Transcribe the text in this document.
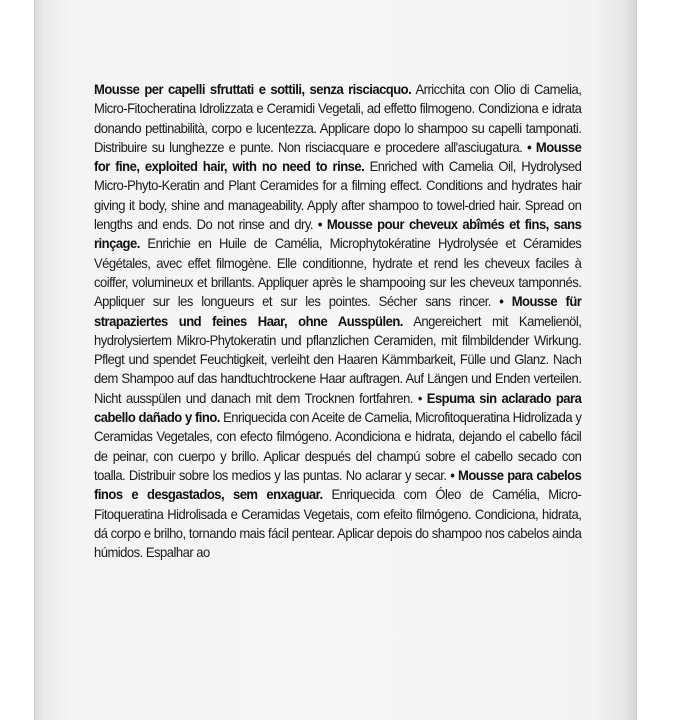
Mousse per capelli sfruttati e sottili, senza risciacquo. Arricchita con Olio di Camelia, Micro-Fitocheratina Idrolizzata e Ceramidi Vegetali, ad effetto filmogeno. Condiziona e idrata donando pettinabilità, corpo e lucentezza. Applicare dopo lo shampoo su capelli tamponati. Distribuire su lunghezze e punte. Non risciacquare e procedere all'asciugatura. • Mousse for fine, exploited hair, with no need to rinse. Enriched with Camelia Oil, Hydrolysed Micro-Phyto-Keratin and Plant Ceramides for a filming effect. Conditions and hydrates hair giving it body, shine and manageability. Apply after shampoo to towel-dried hair. Spread on lengths and ends. Do not rinse and dry. • Mousse pour cheveux abîmés et fins, sans rinçage. Enrichie en Huile de Camélia, Microphytokératine Hydrolysée et Céramides Végétales, avec effet filmogène. Elle conditionne, hydrate et rend les cheveux faciles à coiffer, volumineux et brillants. Appliquer après le shampooing sur les cheveux tamponnés. Appliquer sur les longueurs et sur les pointes. Sécher sans rincer. • Mousse für strapaziertes und feines Haar, ohne Ausspülen. Angereichert mit Kamelienöl, hydrolysiertem Mikro-Phytokeratin und pflanzlichen Ceramiden, mit filmbildender Wirkung. Pflegt und spendet Feuchtigkeit, verleiht den Haaren Kämmbarkeit, Fülle und Glanz. Nach dem Shampoo auf das handtuchtrockene Haar auftragen. Auf Längen und Enden verteilen. Nicht ausspülen und danach mit dem Trocknen fortfahren. • Espuma sin aclarado para cabello dañado y fino. Enriquecida con Aceite de Camelia, Microfitoqueratina Hidrolizada y Ceramidas Vegetales, con efecto filmógeno. Acondiciona e hidrata, dejando el cabello fácil de peinar, con cuerpo y brillo. Aplicar después del champú sobre el cabello secado con toalla. Distribuir sobre los medios y las puntas. No aclarar y secar. • Mousse para cabelos finos e desgastados, sem enxaguar. Enriquecida com Óleo de Camélia, Micro-Fitoqueratina Hidrolisada e Ceramidas Vegetais, com efeito filmógeno. Condiciona, hidrata, dá corpo e brilho, tornando mais fácil pentear. Aplicar depois do shampoo nos cabelos ainda húmidos. Espalhar ao
